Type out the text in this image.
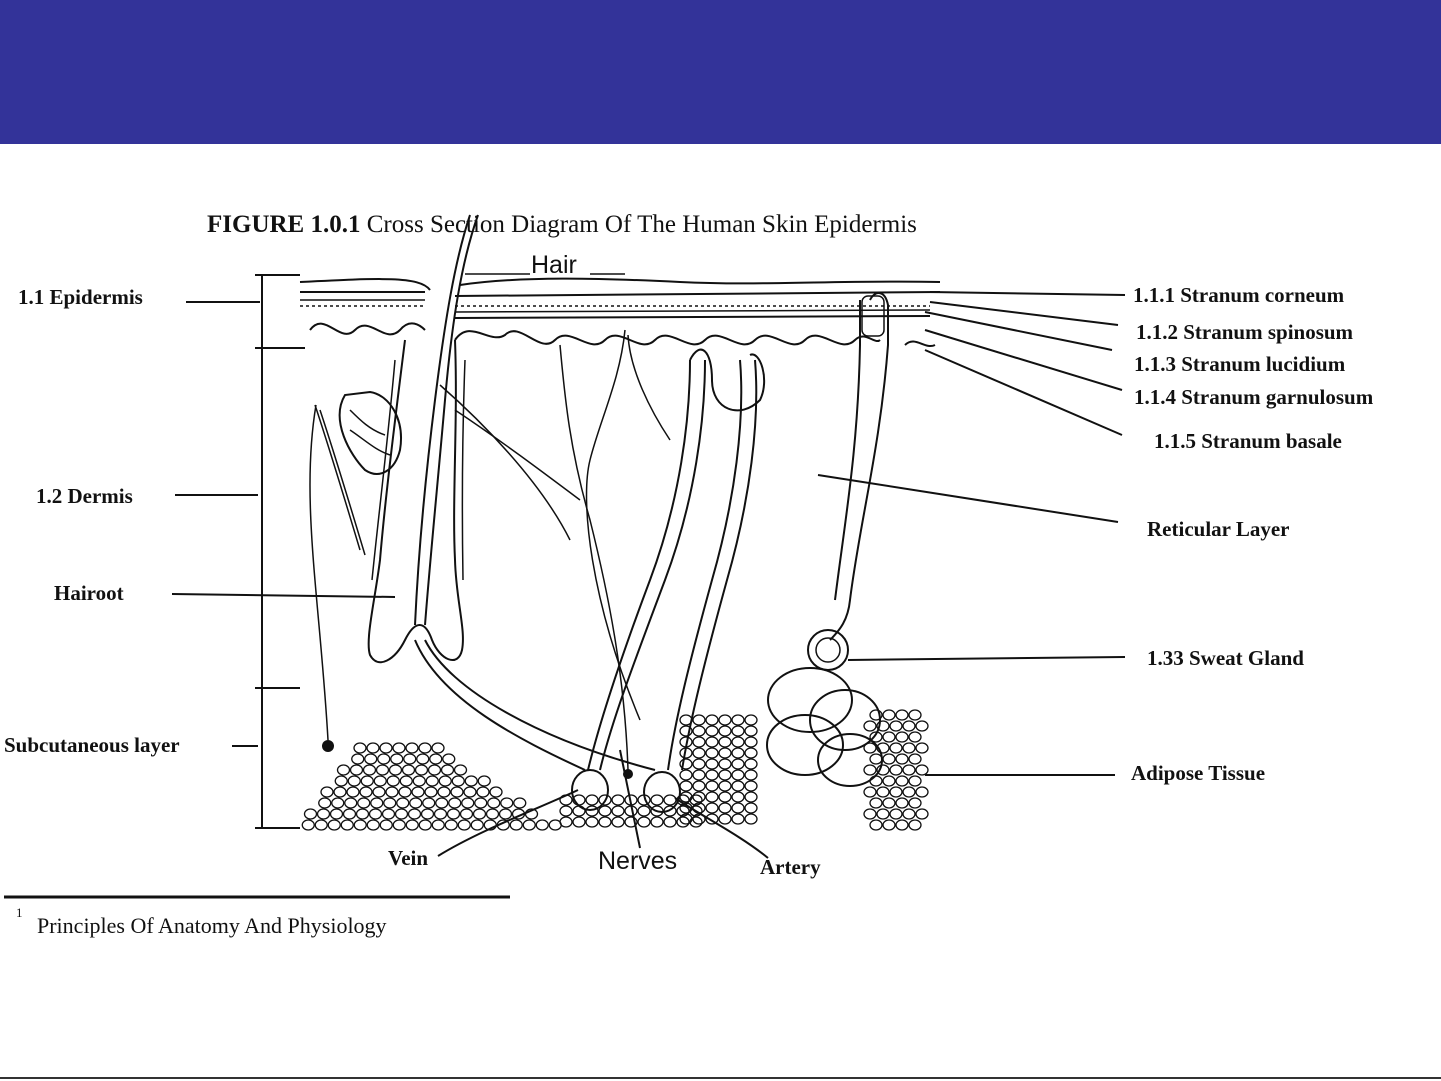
FIGURE 1.0.1 Cross Section Diagram Of The Human Skin Epidermis
1.1 Epidermis
1.2 Dermis
Hairoot
Subcutaneous layer
Hair
1.1.1 Stranum corneum
1.1.2 Stranum spinosum
1.1.3 Stranum lucidium
1.1.4 Stranum garnulosum
1.1.5 Stranum basale
Reticular Layer
1.33 Sweat Gland
Adipose Tissue
Vein	Nerves	Artery
1
Principles Of Anatomy And Physiology
